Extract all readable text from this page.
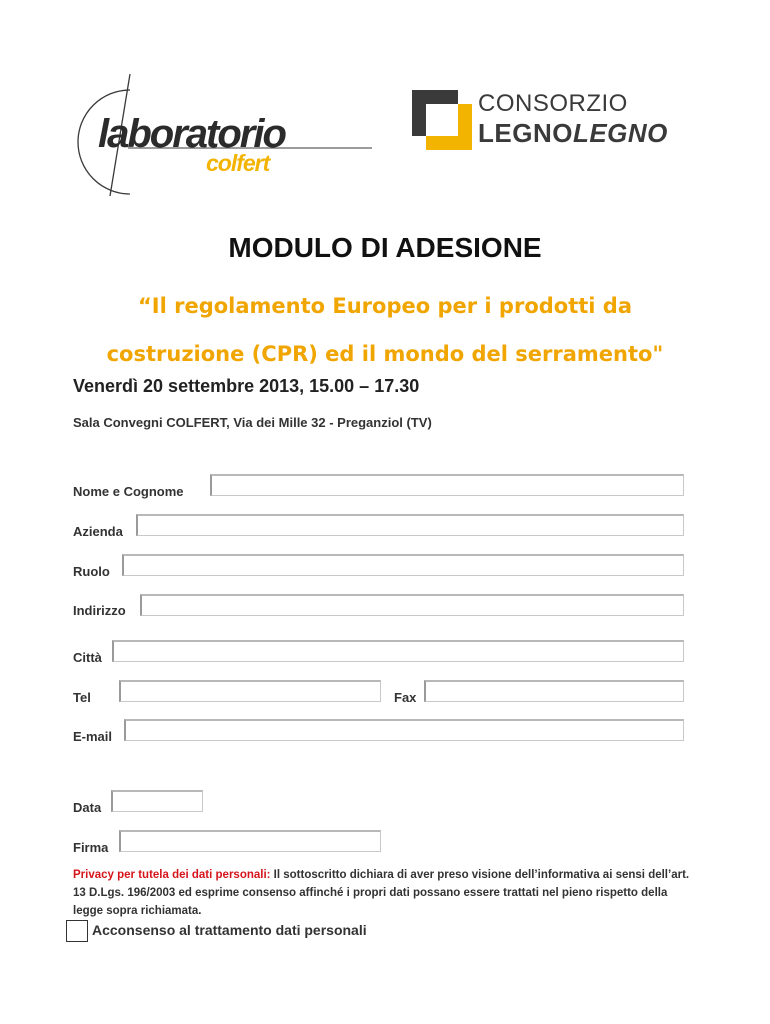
laboratorio
colfert
CONSORZIO
LEGNOLEGNO
MODULO DI ADESIONE
“Il regolamento Europeo per i prodotti da
costruzione (CPR) ed il mondo del serramento"
Venerdì 20 settembre 2013, 15.00 – 17.30
Sala Convegni COLFERT, Via dei Mille 32 - Preganziol (TV)
Nome e Cognome
Azienda
Ruolo
Indirizzo
Città
Tel	Fax
E-mail
Data
Firma
Privacy per tutela dei dati personali: Il sottoscritto dichiara di aver preso visione dell’informativa ai sensi dell’art. 13 D.Lgs. 196/2003 ed esprime consenso affinché i propri dati possano essere trattati nel pieno rispetto della legge sopra richiamata.
Acconsenso al trattamento dati personali
